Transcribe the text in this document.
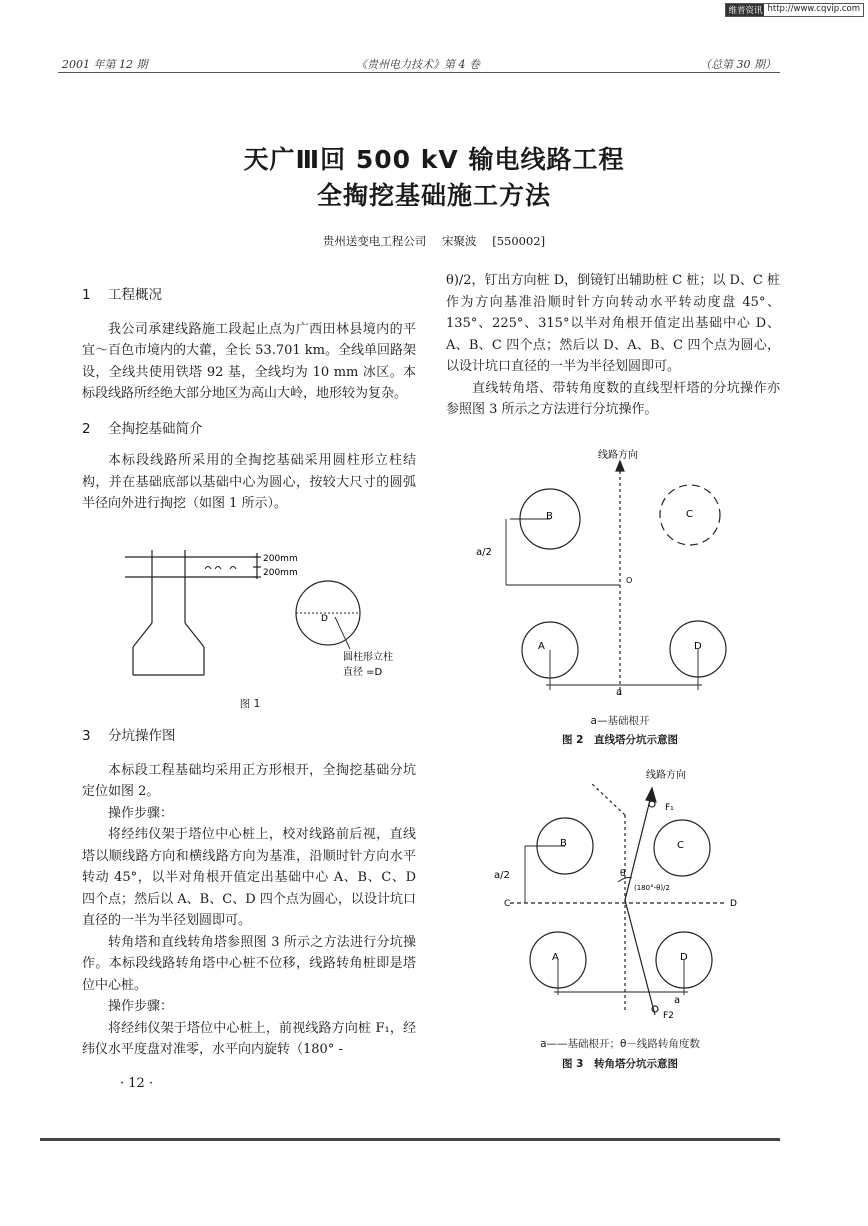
维普资讯 http://www.cqvip.com
2001 年第 12 期	《贵州电力技术》第 4 卷	（总第 30 期）
天广Ⅲ回 500 kV 输电线路工程
全掏挖基础施工方法
贵州送变电工程公司 宋聚波 [550002]
1 工程概况

我公司承建线路施工段起止点为广西田林县境内的平宜～百色市境内的大藿，全长 53.701 km。全线单回路架设，全线共使用铁塔 92 基，全线均为 10 mm 冰区。本标段线路所经绝大部分地区为高山大岭，地形较为复杂。

2 全掏挖基础简介

本标段线路所采用的全掏挖基础采用圆柱形立柱结构，并在基础底部以基础中心为圆心，按较大尺寸的圆弧半径向外进行掏挖（如图 1 所示）。

200mm
200mm
D
圆柱形立柱
直径 =D
图 1
3 分坑操作图

本标段工程基础均采用正方形根开，全掏挖基础分坑定位如图 2。

操作步骤：

将经纬仪架于塔位中心桩上，校对线路前后视，直线塔以顺线路方向和横线路方向为基准，沿顺时针方向水平转动 45°，以半对角根开值定出基础中心 A、B、C、D 四个点；然后以 A、B、C、D 四个点为圆心，以设计坑口直径的一半为半径划圆即可。

转角塔和直线转角塔参照图 3 所示之方法进行分坑操作。本标段线路转角塔中心桩不位移，线路转角桩即是塔位中心桩。

操作步骤：

将经纬仪架于塔位中心桩上，前视线路方向桩 F₁，经纬仪水平度盘对准零，水平向内旋转（180° -

· 12 ·

θ)/2，钉出方向桩 D，倒镜钉出辅助桩 C 桩；以 D、C 桩作为方向基准沿顺时针方向转动水平转动度盘 45°、135°、225°、315°以半对角根开值定出基础中心 D、A、B、C 四个点；然后以 D、A、B、C 四个点为圆心，以设计坑口直径的一半为半径划圆即可。

直线转角塔、带转角度数的直线型杆塔的分坑操作亦参照图 3 所示之方法进行分坑操作。

线路方向
B	C
A	D
a/2
O
a
a—基础根开
图 2　直线塔分坑示意图
线路方向
F₁
B	C
A	D
a/2	θ
(180°-θ)/2
C	D
a
F2
a——基础根开；θ－线路转角度数
图 3　转角塔分坑示意图
